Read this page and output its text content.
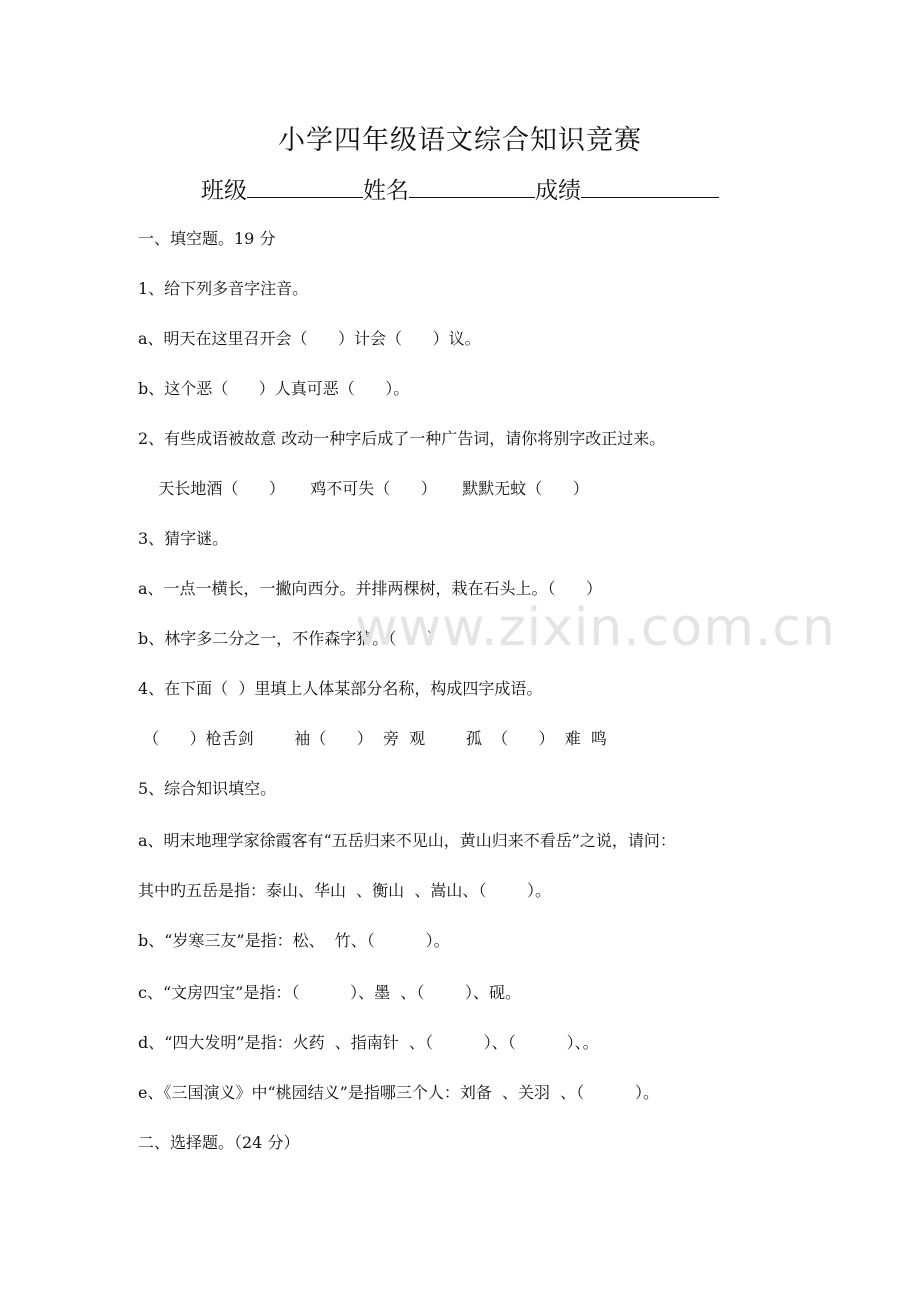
小学四年级语文综合知识竞赛
班级	姓名	成绩
一、填空题。19 分
1、给下列多音字注音。
a、明天在这里召开会（      ）计会（      ）议。
b、这个恶（      ）人真可恶（      ）。
2、有些成语被故意 改动一种字后成了一种广告词，请你将别字改正过来。
天长地酒（      ）     鸡不可失（      ）     默默无蚊（      ）
3、猜字谜。
a、一点一横长，一撇向西分。并排两棵树，栽在石头上。（      ）
b、林字多二分之一，不作森字猜。（      ）
4、在下面（  ）里填上人体某部分名称，构成四字成语。
（      ）枪舌剑        袖（      ）  旁  观        孤  （      ）  难  鸣
5、综合知识填空。
a、明末地理学家徐霞客有“五岳归来不见山，黄山归来不看岳”之说，请问：
其中旳五岳是指：泰山、华山  、衡山  、嵩山、（        ）。
b、“岁寒三友”是指：松、  竹、（          ）。
c、“文房四宝”是指：（          ）、墨  、（        ）、砚。
d、“四大发明”是指：火药  、指南针  、（          ）、（          ）、。
e、《三国演义》中“桃园结义”是指哪三个人：刘备  、关羽  、（          ）。
二、选择题。（24 分）
www.zixin.com.cn
